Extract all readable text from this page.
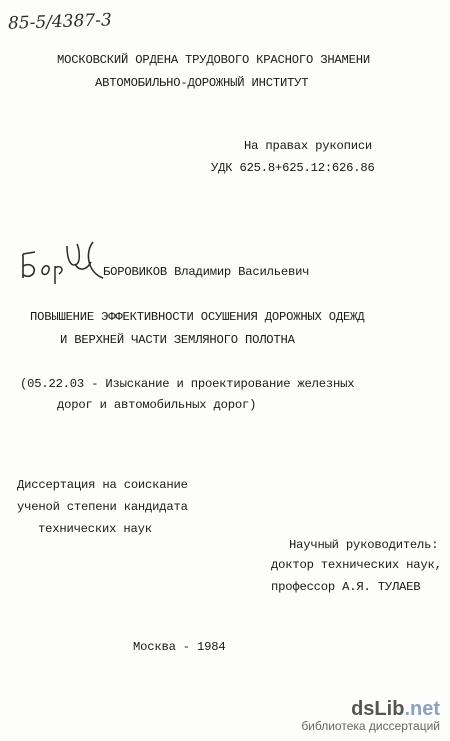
85-5/4387-3
МОСКОВСКИЙ ОРДЕНА ТРУДОВОГО КРАСНОГО ЗНАМЕНИ
АВТОМОБИЛЬНО-ДОРОЖНЫЙ ИНСТИТУТ
На правах рукописи
УДК 625.8+625.12:626.86
БОРОВИКОВ Владимир Васильевич
ПОВЫШЕНИЕ ЭФФЕКТИВНОСТИ ОСУШЕНИЯ ДОРОЖНЫХ ОДЕЖД
И ВЕРХНЕЙ ЧАСТИ ЗЕМЛЯНОГО ПОЛОТНА
(05.22.03 - Изыскание и проектирование железных
дорог и автомобильных дорог)
Диссертация на соискание
ученой степени кандидата
технических наук
Научный руководитель:
доктор технических наук,
профессор А.Я. ТУЛАЕВ
Москва - 1984
dsLib.net
библиотека диссертаций
